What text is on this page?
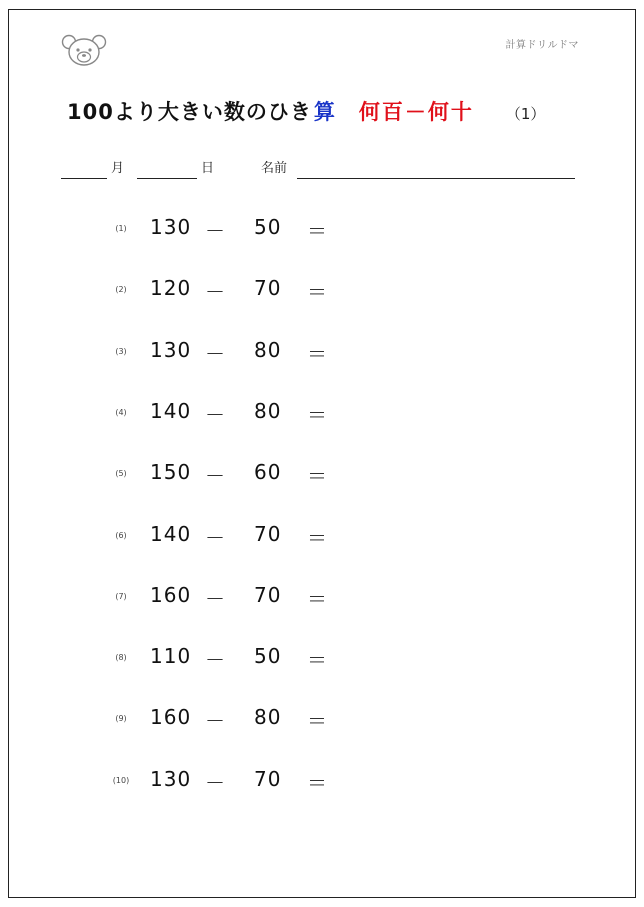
計算ドリルドマ
100より大きい数のひき 算 何百－何十 （1）
月	日	名前
(1)	130 － 50 ＝
(2)	120 － 70 ＝
(3)	130 － 80 ＝
(4)	140 － 80 ＝
(5)	150 － 60 ＝
(6)	140 － 70 ＝
(7)	160 － 70 ＝
(8)	110 － 50 ＝
(9)	160 － 80 ＝
(10) 130 － 70 ＝
